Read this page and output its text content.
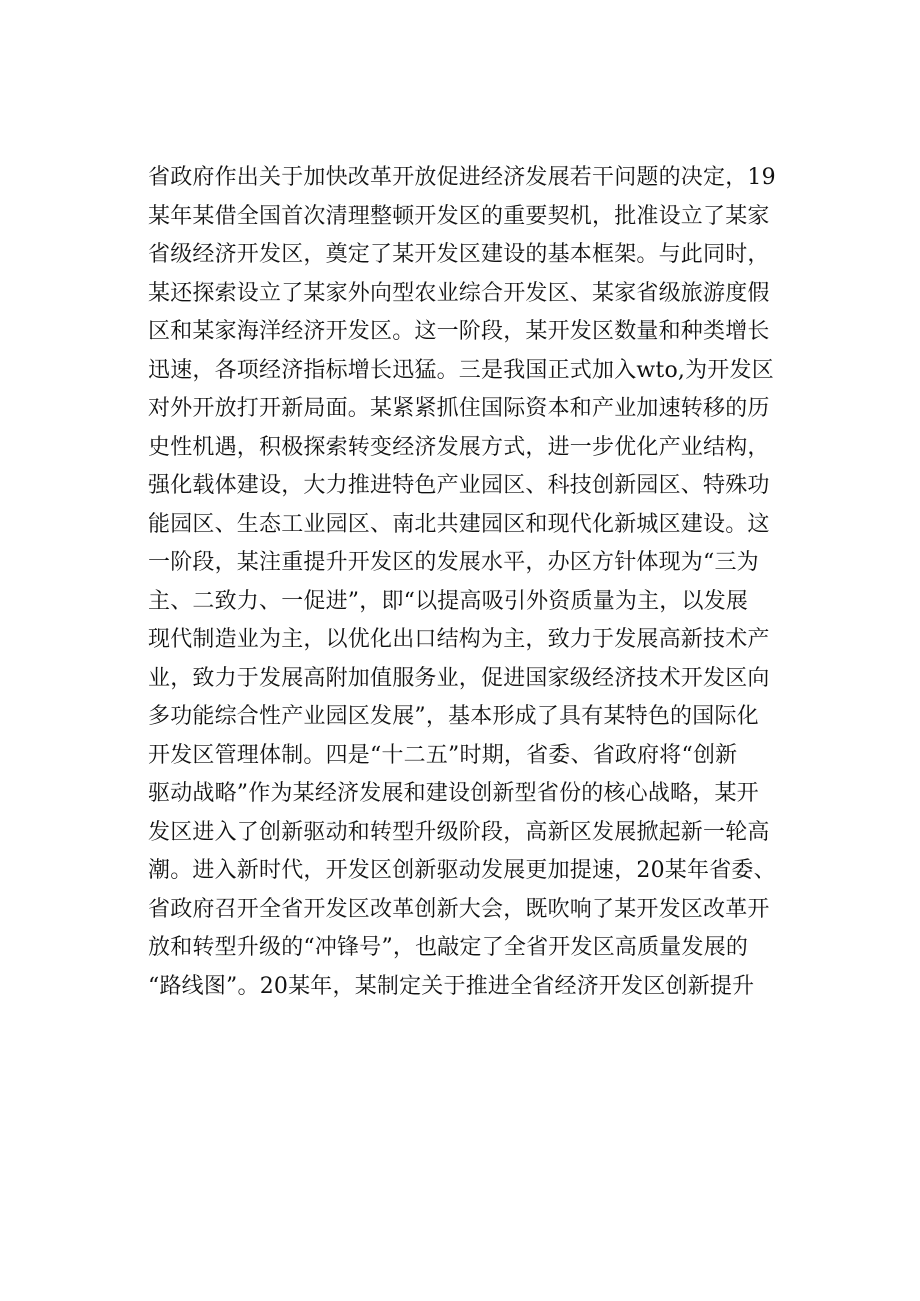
省政府作出关于加快改革开放促进经济发展若干问题的决定，19
某年某借全国首次清理整顿开发区的重要契机，批准设立了某家
省级经济开发区，奠定了某开发区建设的基本框架。与此同时，
某还探索设立了某家外向型农业综合开发区、某家省级旅游度假
区和某家海洋经济开发区。这一阶段，某开发区数量和种类增长
迅速，各项经济指标增长迅猛。三是我国正式加入wto,为开发区
对外开放打开新局面。某紧紧抓住国际资本和产业加速转移的历
史性机遇，积极探索转变经济发展方式，进一步优化产业结构，
强化载体建设，大力推进特色产业园区、科技创新园区、特殊功
能园区、生态工业园区、南北共建园区和现代化新城区建设。这
一阶段，某注重提升开发区的发展水平，办区方针体现为“三为
主、二致力、一促进”，即“以提高吸引外资质量为主，以发展
现代制造业为主，以优化出口结构为主，致力于发展高新技术产
业，致力于发展高附加值服务业，促进国家级经济技术开发区向
多功能综合性产业园区发展”，基本形成了具有某特色的国际化
开发区管理体制。四是“十二五”时期，省委、省政府将“创新
驱动战略”作为某经济发展和建设创新型省份的核心战略，某开
发区进入了创新驱动和转型升级阶段，高新区发展掀起新一轮高
潮。进入新时代，开发区创新驱动发展更加提速，20某年省委、
省政府召开全省开发区改革创新大会，既吹响了某开发区改革开
放和转型升级的“冲锋号”，也敲定了全省开发区高质量发展的
“路线图”。20某年，某制定关于推进全省经济开发区创新提升
